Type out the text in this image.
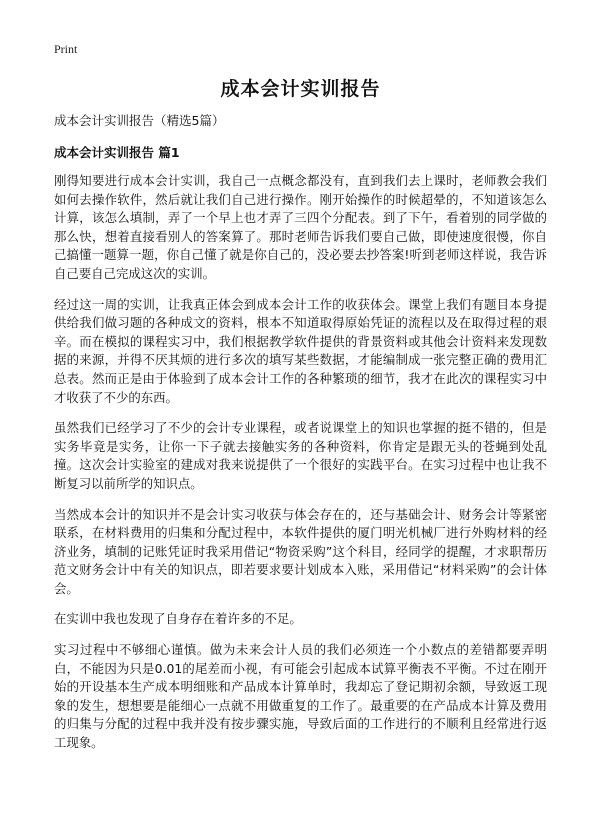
Print
成本会计实训报告
成本会计实训报告（精选5篇）
成本会计实训报告 篇1

刚得知要进行成本会计实训，我自己一点概念都没有，直到我们去上课时，老师教会我们如何去操作软件，然后就让我们自己进行操作。刚开始操作的时候超晕的，不知道该怎么计算，该怎么填制，弄了一个早上也才弄了三四个分配表。到了下午，看着别的同学做的那么快，想着直接看别人的答案算了。那时老师告诉我们要自己做，即使速度很慢，你自己搞懂一题算一题，你自己懂了就是你自己的，没必要去抄答案!听到老师这样说，我告诉自己要自己完成这次的实训。

经过这一周的实训，让我真正体会到成本会计工作的收获体会。课堂上我们有题目本身提供给我们做习题的各种成文的资料，根本不知道取得原始凭证的流程以及在取得过程的艰辛。而在模拟的课程实习中，我们根据教学软件提供的背景资料或其他会计资料来发现数据的来源，并得不厌其烦的进行多次的填写某些数据，才能编制成一张完整正确的费用汇总表。然而正是由于体验到了成本会计工作的各种繁琐的细节，我才在此次的课程实习中才收获了不少的东西。

虽然我们已经学习了不少的会计专业课程，或者说课堂上的知识也掌握的挺不错的，但是实务毕竟是实务，让你一下子就去接触实务的各种资料，你肯定是跟无头的苍蝇到处乱撞。这次会计实验室的建成对我来说提供了一个很好的实践平台。在实习过程中也让我不断复习以前所学的知识点。

当然成本会计的知识并不是会计实习收获与体会存在的，还与基础会计、财务会计等紧密联系，在材料费用的归集和分配过程中，本软件提供的厦门明光机械厂进行外购材料的经济业务，填制的记账凭证时我采用借记“物资采购”这个科目，经同学的提醒，才求职帮历范文财务会计中有关的知识点，即若要求要计划成本入账，采用借记“材料采购”的会计体会。

在实训中我也发现了自身存在着许多的不足。

实习过程中不够细心谨慎。做为未来会计人员的我们必须连一个小数点的差错都要弄明白，不能因为只是0.01的尾差而小视，有可能会引起成本试算平衡表不平衡。不过在刚开始的开设基本生产成本明细账和产品成本计算单时，我却忘了登记期初余额，导致返工现象的发生，想想要是能细心一点就不用做重复的工作了。最重要的在产品成本计算及费用的归集与分配的过程中我并没有按步骤实施，导致后面的工作进行的不顺利且经常进行返工现象。
